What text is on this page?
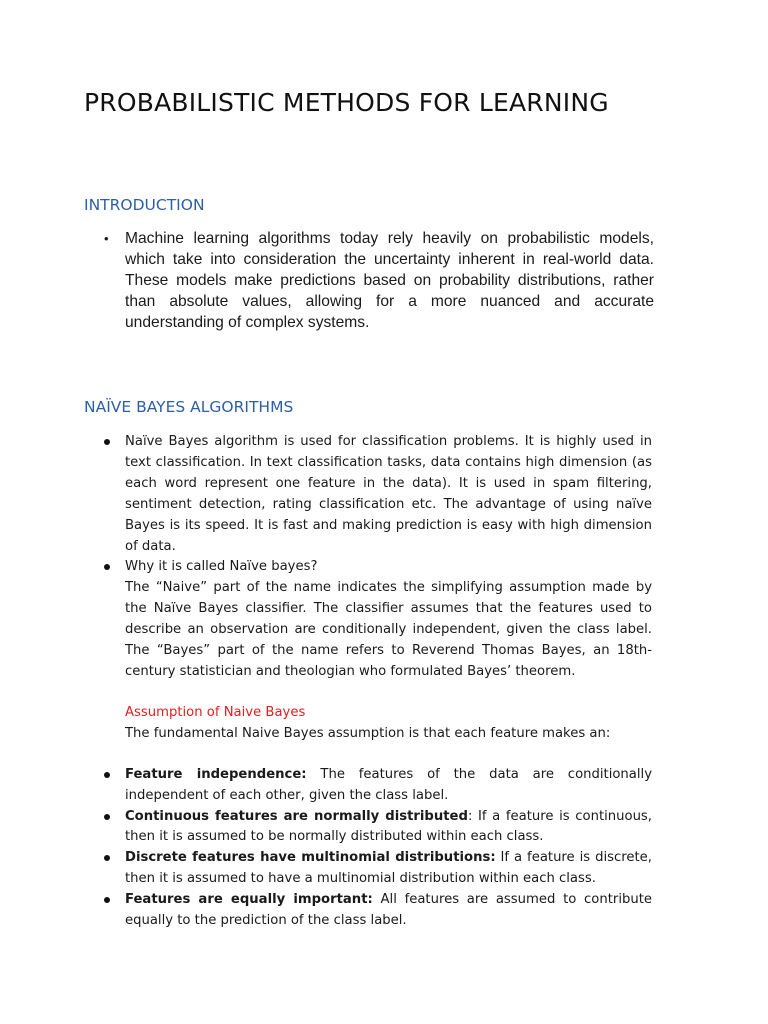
PROBABILISTIC METHODS FOR LEARNING
INTRODUCTION
• Machine learning algorithms today rely heavily on probabilistic models, which take into consideration the uncertainty inherent in real-world data. These models make predictions based on probability distributions, rather than absolute values, allowing for a more nuanced and accurate understanding of complex systems.
NAÏVE BAYES ALGORITHMS
Naïve Bayes algorithm is used for classification problems. It is highly used in text classification. In text classification tasks, data contains high dimension (as each word represent one feature in the data). It is used in spam filtering, sentiment detection, rating classification etc. The advantage of using naïve Bayes is its speed. It is fast and making prediction is easy with high dimension of data.
Why it is called Naïve bayes?
The “Naive” part of the name indicates the simplifying assumption made by the Naïve Bayes classifier. The classifier assumes that the features used to describe an observation are conditionally independent, given the class label. The “Bayes” part of the name refers to Reverend Thomas Bayes, an 18th-century statistician and theologian who formulated Bayes’ theorem.
Assumption of Naive Bayes
The fundamental Naive Bayes assumption is that each feature makes an:
Feature independence: The features of the data are conditionally independent of each other, given the class label.
Continuous features are normally distributed: If a feature is continuous, then it is assumed to be normally distributed within each class.
Discrete features have multinomial distributions: If a feature is discrete, then it is assumed to have a multinomial distribution within each class.
Features are equally important: All features are assumed to contribute equally to the prediction of the class label.
